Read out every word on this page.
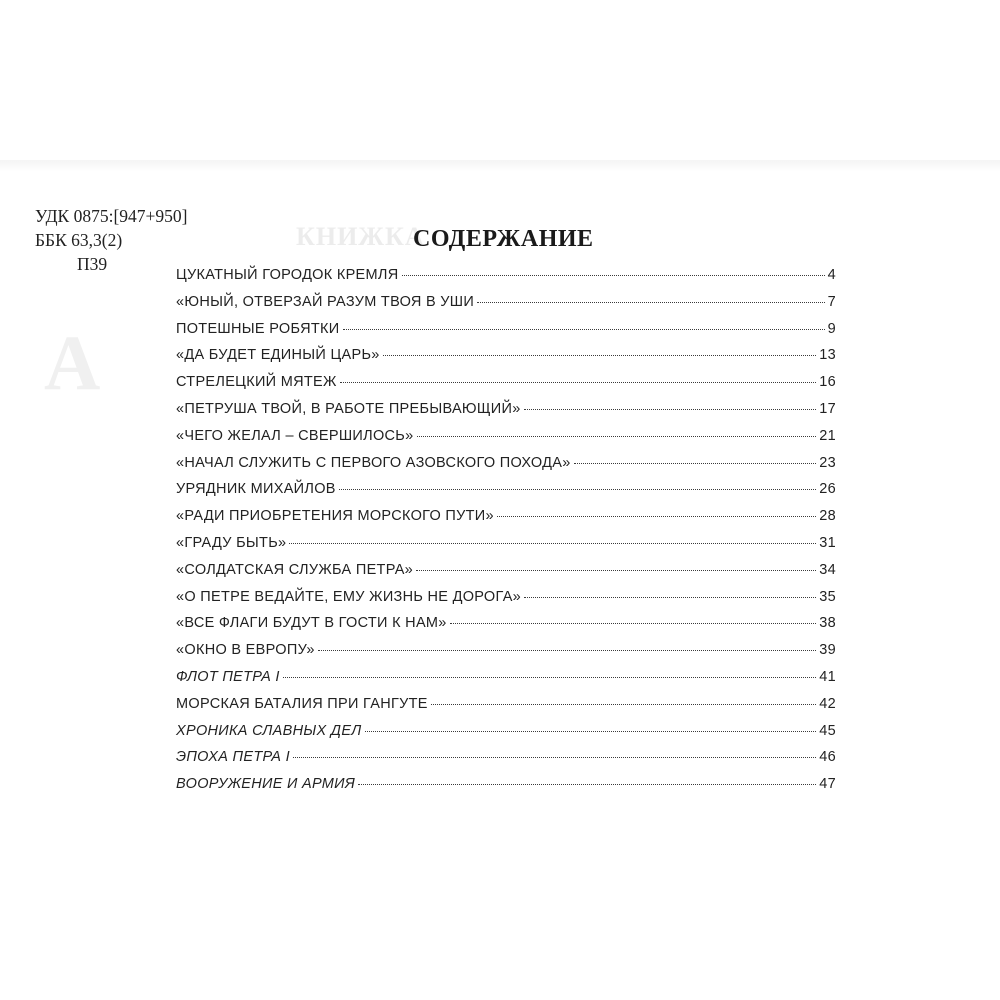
КНИЖКА
А
УДК 0875:[947+950]
ББК 63,3(2)
П39
СОДЕРЖАНИЕ
ЦУКАТНЫЙ ГОРОДОК КРЕМЛЯ	4
«ЮНЫЙ, ОТВЕРЗАЙ РАЗУМ ТВОЯ В УШИ	7
ПОТЕШНЫЕ РОБЯТКИ	9
«ДА БУДЕТ ЕДИНЫЙ ЦАРЬ»	13
СТРЕЛЕЦКИЙ МЯТЕЖ	16
«ПЕТРУША ТВОЙ, В РАБОТЕ ПРЕБЫВАЮЩИЙ»	17
«ЧЕГО ЖЕЛАЛ – СВЕРШИЛОСЬ»	21
«НАЧАЛ СЛУЖИТЬ С ПЕРВОГО АЗОВСКОГО ПОХОДА»	23
УРЯДНИК МИХАЙЛОВ	26
«РАДИ ПРИОБРЕТЕНИЯ МОРСКОГО ПУТИ»	28
«ГРАДУ БЫТЬ»	31
«СОЛДАТСКАЯ СЛУЖБА ПЕТРА»	34
«О ПЕТРЕ ВЕДАЙТЕ, ЕМУ ЖИЗНЬ НЕ ДОРОГА»	35
«ВСЕ ФЛАГИ БУДУТ В ГОСТИ К НАМ»	38
«ОКНО В ЕВРОПУ»	39
ФЛОТ ПЕТРА I	41
МОРСКАЯ БАТАЛИЯ ПРИ ГАНГУТЕ	42
ХРОНИКА СЛАВНЫХ ДЕЛ	45
ЭПОХА ПЕТРА I	46
ВООРУЖЕНИЕ И АРМИЯ	47
